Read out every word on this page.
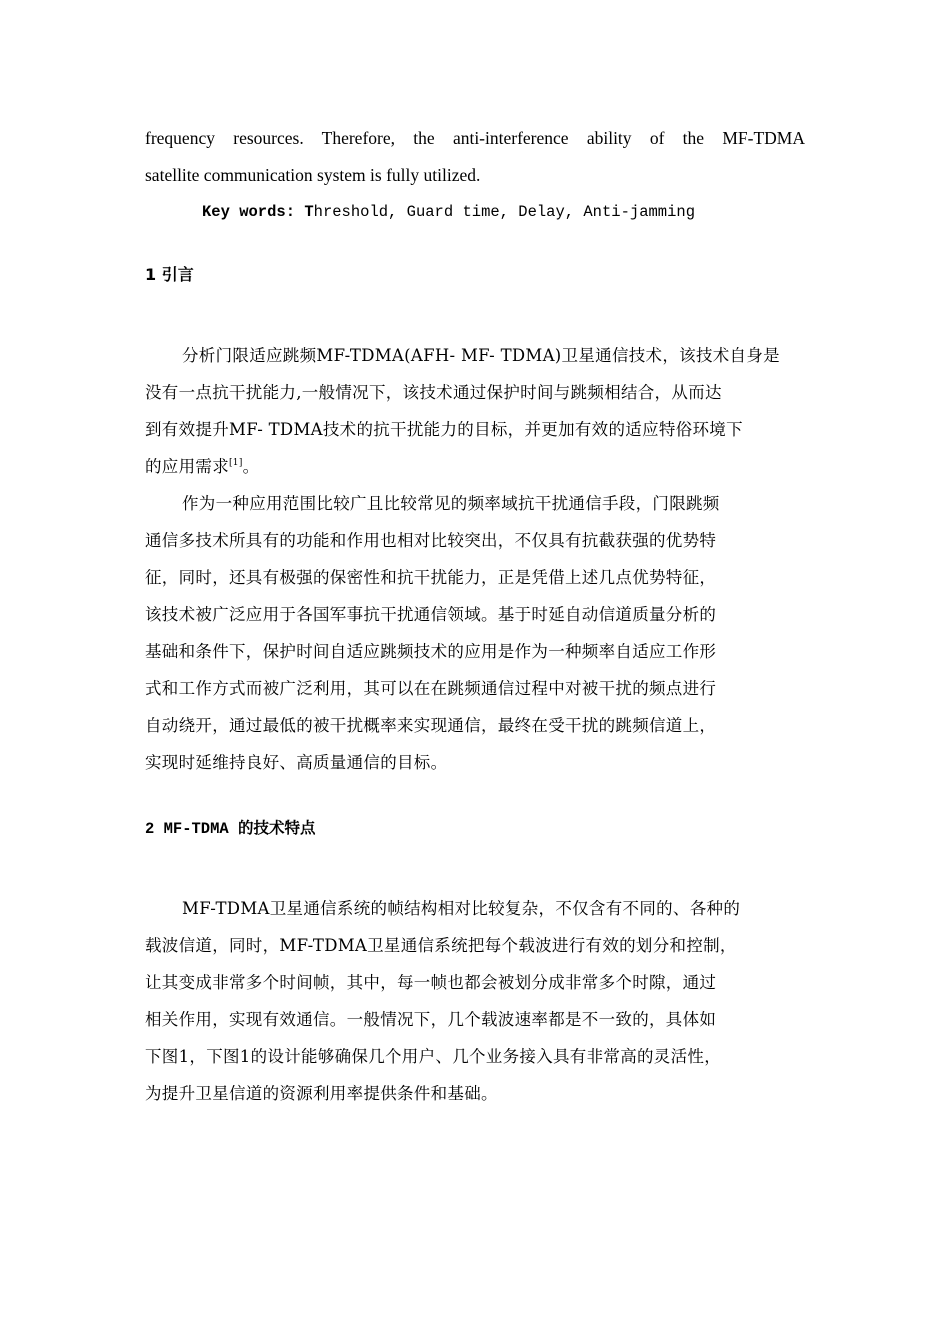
frequency resources. Therefore, the anti-interference ability of the MF-TDMA
satellite communication system is fully utilized.
Key words: Threshold, Guard time, Delay, Anti-jamming
1 引言
分析门限适应跳频MF-TDMA(AFH- MF- TDMA)卫星通信技术，该技术自身是
没有一点抗干扰能力,一般情况下，该技术通过保护时间与跳频相结合，从而达
到有效提升MF- TDMA技术的抗干扰能力的目标，并更加有效的适应特俗环境下
的应用需求[1]。
作为一种应用范围比较广且比较常见的频率域抗干扰通信手段，门限跳频
通信多技术所具有的功能和作用也相对比较突出，不仅具有抗截获强的优势特
征，同时，还具有极强的保密性和抗干扰能力，正是凭借上述几点优势特征，
该技术被广泛应用于各国军事抗干扰通信领域。基于时延自动信道质量分析的
基础和条件下，保护时间自适应跳频技术的应用是作为一种频率自适应工作形
式和工作方式而被广泛利用，其可以在在跳频通信过程中对被干扰的频点进行
自动绕开，通过最低的被干扰概率来实现通信，最终在受干扰的跳频信道上，
实现时延维持良好、高质量通信的目标。
2 MF-TDMA 的技术特点
MF-TDMA卫星通信系统的帧结构相对比较复杂，不仅含有不同的、各种的
载波信道，同时，MF-TDMA卫星通信系统把每个载波进行有效的划分和控制，
让其变成非常多个时间帧，其中，每一帧也都会被划分成非常多个时隙，通过
相关作用，实现有效通信。一般情况下，几个载波速率都是不一致的，具体如
下图1，下图1的设计能够确保几个用户、几个业务接入具有非常高的灵活性，
为提升卫星信道的资源利用率提供条件和基础。
